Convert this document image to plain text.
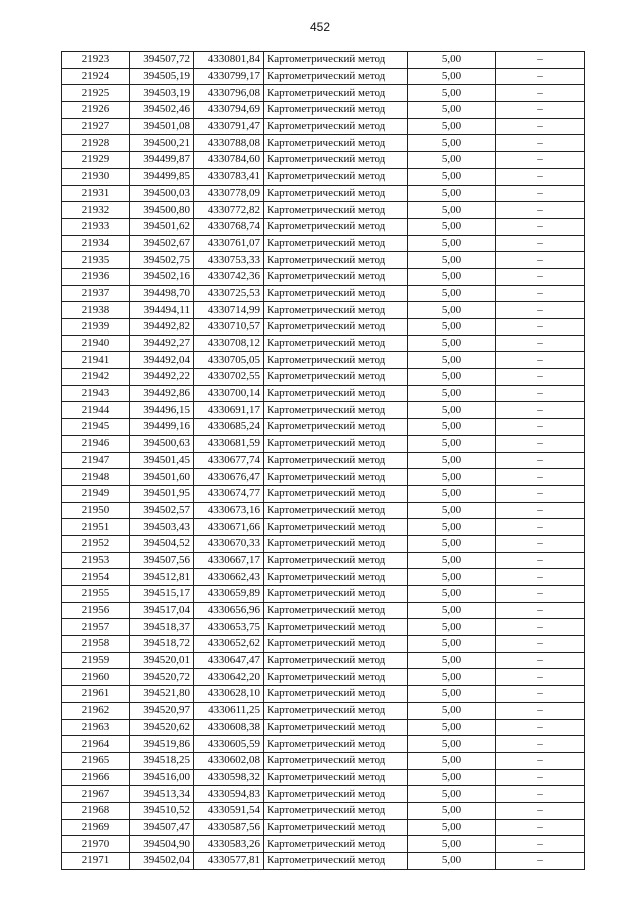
452
21923	394507,72	4330801,84	Картометрический метод	5,00	–
21924	394505,19	4330799,17	Картометрический метод	5,00	–
21925	394503,19	4330796,08	Картометрический метод	5,00	–
21926	394502,46	4330794,69	Картометрический метод	5,00	–
21927	394501,08	4330791,47	Картометрический метод	5,00	–
21928	394500,21	4330788,08	Картометрический метод	5,00	–
21929	394499,87	4330784,60	Картометрический метод	5,00	–
21930	394499,85	4330783,41	Картометрический метод	5,00	–
21931	394500,03	4330778,09	Картометрический метод	5,00	–
21932	394500,80	4330772,82	Картометрический метод	5,00	–
21933	394501,62	4330768,74	Картометрический метод	5,00	–
21934	394502,67	4330761,07	Картометрический метод	5,00	–
21935	394502,75	4330753,33	Картометрический метод	5,00	–
21936	394502,16	4330742,36	Картометрический метод	5,00	–
21937	394498,70	4330725,53	Картометрический метод	5,00	–
21938	394494,11	4330714,99	Картометрический метод	5,00	–
21939	394492,82	4330710,57	Картометрический метод	5,00	–
21940	394492,27	4330708,12	Картометрический метод	5,00	–
21941	394492,04	4330705,05	Картометрический метод	5,00	–
21942	394492,22	4330702,55	Картометрический метод	5,00	–
21943	394492,86	4330700,14	Картометрический метод	5,00	–
21944	394496,15	4330691,17	Картометрический метод	5,00	–
21945	394499,16	4330685,24	Картометрический метод	5,00	–
21946	394500,63	4330681,59	Картометрический метод	5,00	–
21947	394501,45	4330677,74	Картометрический метод	5,00	–
21948	394501,60	4330676,47	Картометрический метод	5,00	–
21949	394501,95	4330674,77	Картометрический метод	5,00	–
21950	394502,57	4330673,16	Картометрический метод	5,00	–
21951	394503,43	4330671,66	Картометрический метод	5,00	–
21952	394504,52	4330670,33	Картометрический метод	5,00	–
21953	394507,56	4330667,17	Картометрический метод	5,00	–
21954	394512,81	4330662,43	Картометрический метод	5,00	–
21955	394515,17	4330659,89	Картометрический метод	5,00	–
21956	394517,04	4330656,96	Картометрический метод	5,00	–
21957	394518,37	4330653,75	Картометрический метод	5,00	–
21958	394518,72	4330652,62	Картометрический метод	5,00	–
21959	394520,01	4330647,47	Картометрический метод	5,00	–
21960	394520,72	4330642,20	Картометрический метод	5,00	–
21961	394521,80	4330628,10	Картометрический метод	5,00	–
21962	394520,97	4330611,25	Картометрический метод	5,00	–
21963	394520,62	4330608,38	Картометрический метод	5,00	–
21964	394519,86	4330605,59	Картометрический метод	5,00	–
21965	394518,25	4330602,08	Картометрический метод	5,00	–
21966	394516,00	4330598,32	Картометрический метод	5,00	–
21967	394513,34	4330594,83	Картометрический метод	5,00	–
21968	394510,52	4330591,54	Картометрический метод	5,00	–
21969	394507,47	4330587,56	Картометрический метод	5,00	–
21970	394504,90	4330583,26	Картометрический метод	5,00	–
21971	394502,04	4330577,81	Картометрический метод	5,00	–
